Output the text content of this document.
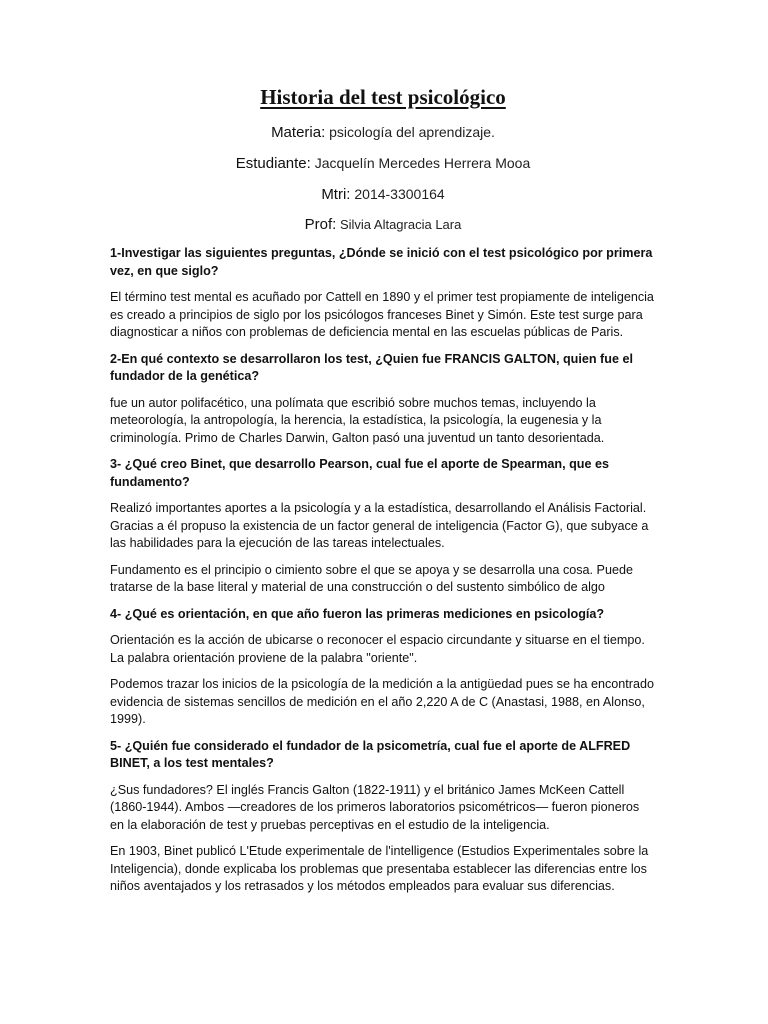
Historia del test psicológico
Materia: psicología del aprendizaje.
Estudiante: Jacquelín Mercedes Herrera Mooa
Mtri: 2014-3300164
Prof: Silvia Altagracia Lara

1-Investigar las siguientes preguntas, ¿Dónde se inició con el test psicológico por primera vez, en que siglo?

El término test mental es acuñado por Cattell en 1890 y el primer test propiamente de inteligencia es creado a principios de siglo por los psicólogos franceses Binet y Simón. Este test surge para diagnosticar a niños con problemas de deficiencia mental en las escuelas públicas de Paris.

2-En qué contexto se desarrollaron los test, ¿Quien fue FRANCIS GALTON, quien fue el fundador de la genética?

fue un autor polifacético, una polímata que escribió sobre muchos temas, incluyendo la meteorología, la antropología, la herencia, la estadística, la psicología, la eugenesia y la criminología. Primo de Charles Darwin, Galton pasó una juventud un tanto desorientada.

3- ¿Qué creo Binet, que desarrollo Pearson, cual fue el aporte de Spearman, que es fundamento?

Realizó importantes aportes a la psicología y a la estadística, desarrollando el Análisis Factorial. Gracias a él propuso la existencia de un factor general de inteligencia (Factor G), que subyace a las habilidades para la ejecución de las tareas intelectuales.

Fundamento es el principio o cimiento sobre el que se apoya y se desarrolla una cosa. Puede tratarse de la base literal y material de una construcción o del sustento simbólico de algo

4- ¿Qué es orientación, en que año fueron las primeras mediciones en psicología?

Orientación es la acción de ubicarse o reconocer el espacio circundante y situarse en el tiempo. La palabra orientación proviene de la palabra "oriente".

Podemos trazar los inicios de la psicología de la medición a la antigüedad pues se ha encontrado evidencia de sistemas sencillos de medición en el año 2,220 A de C (Anastasi, 1988, en Alonso, 1999).

5- ¿Quién fue considerado el fundador de la psicometría, cual fue el aporte de ALFRED BINET, a los test mentales?

¿Sus fundadores? El inglés Francis Galton (1822-1911) y el británico James McKeen Cattell (1860-1944). Ambos —creadores de los primeros laboratorios psicométricos— fueron pioneros en la elaboración de test y pruebas perceptivas en el estudio de la inteligencia.

En 1903, Binet publicó L'Etude experimentale de l'intelligence (Estudios Experimentales sobre la Inteligencia), donde explicaba los problemas que presentaba establecer las diferencias entre los niños aventajados y los retrasados y los métodos empleados para evaluar sus diferencias.
